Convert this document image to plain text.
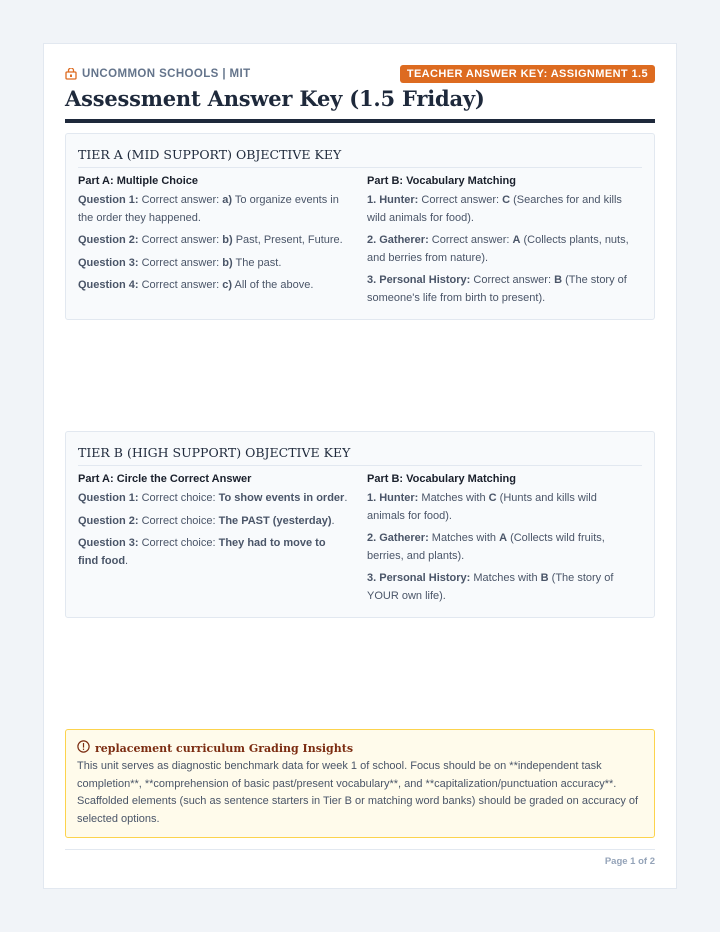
UNCOMMON SCHOOLS | MIT	TEACHER ANSWER KEY: ASSIGNMENT 1.5
Assessment Answer Key (1.5 Friday)
TIER A (MID SUPPORT) OBJECTIVE KEY
Part A: Multiple Choice
Question 1: Correct answer: a) To organize events in the order they happened.
Question 2: Correct answer: b) Past, Present, Future.
Question 3: Correct answer: b) The past.
Question 4: Correct answer: c) All of the above.
Part B: Vocabulary Matching
1. Hunter: Correct answer: C (Searches for and kills wild animals for food).
2. Gatherer: Correct answer: A (Collects plants, nuts, and berries from nature).
3. Personal History: Correct answer: B (The story of someone's life from birth to present).
TIER B (HIGH SUPPORT) OBJECTIVE KEY
Part A: Circle the Correct Answer
Question 1: Correct choice: To show events in order.
Question 2: Correct choice: The PAST (yesterday).
Question 3: Correct choice: They had to move to find food.
Part B: Vocabulary Matching
1. Hunter: Matches with C (Hunts and kills wild animals for food).
2. Gatherer: Matches with A (Collects wild fruits, berries, and plants).
3. Personal History: Matches with B (The story of YOUR own life).
replacement curriculum Grading Insights
This unit serves as diagnostic benchmark data for week 1 of school. Focus should be on **independent task completion**, **comprehension of basic past/present vocabulary**, and **capitalization/punctuation accuracy**. Scaffolded elements (such as sentence starters in Tier B or matching word banks) should be graded on accuracy of selected options.
Page 1 of 2
